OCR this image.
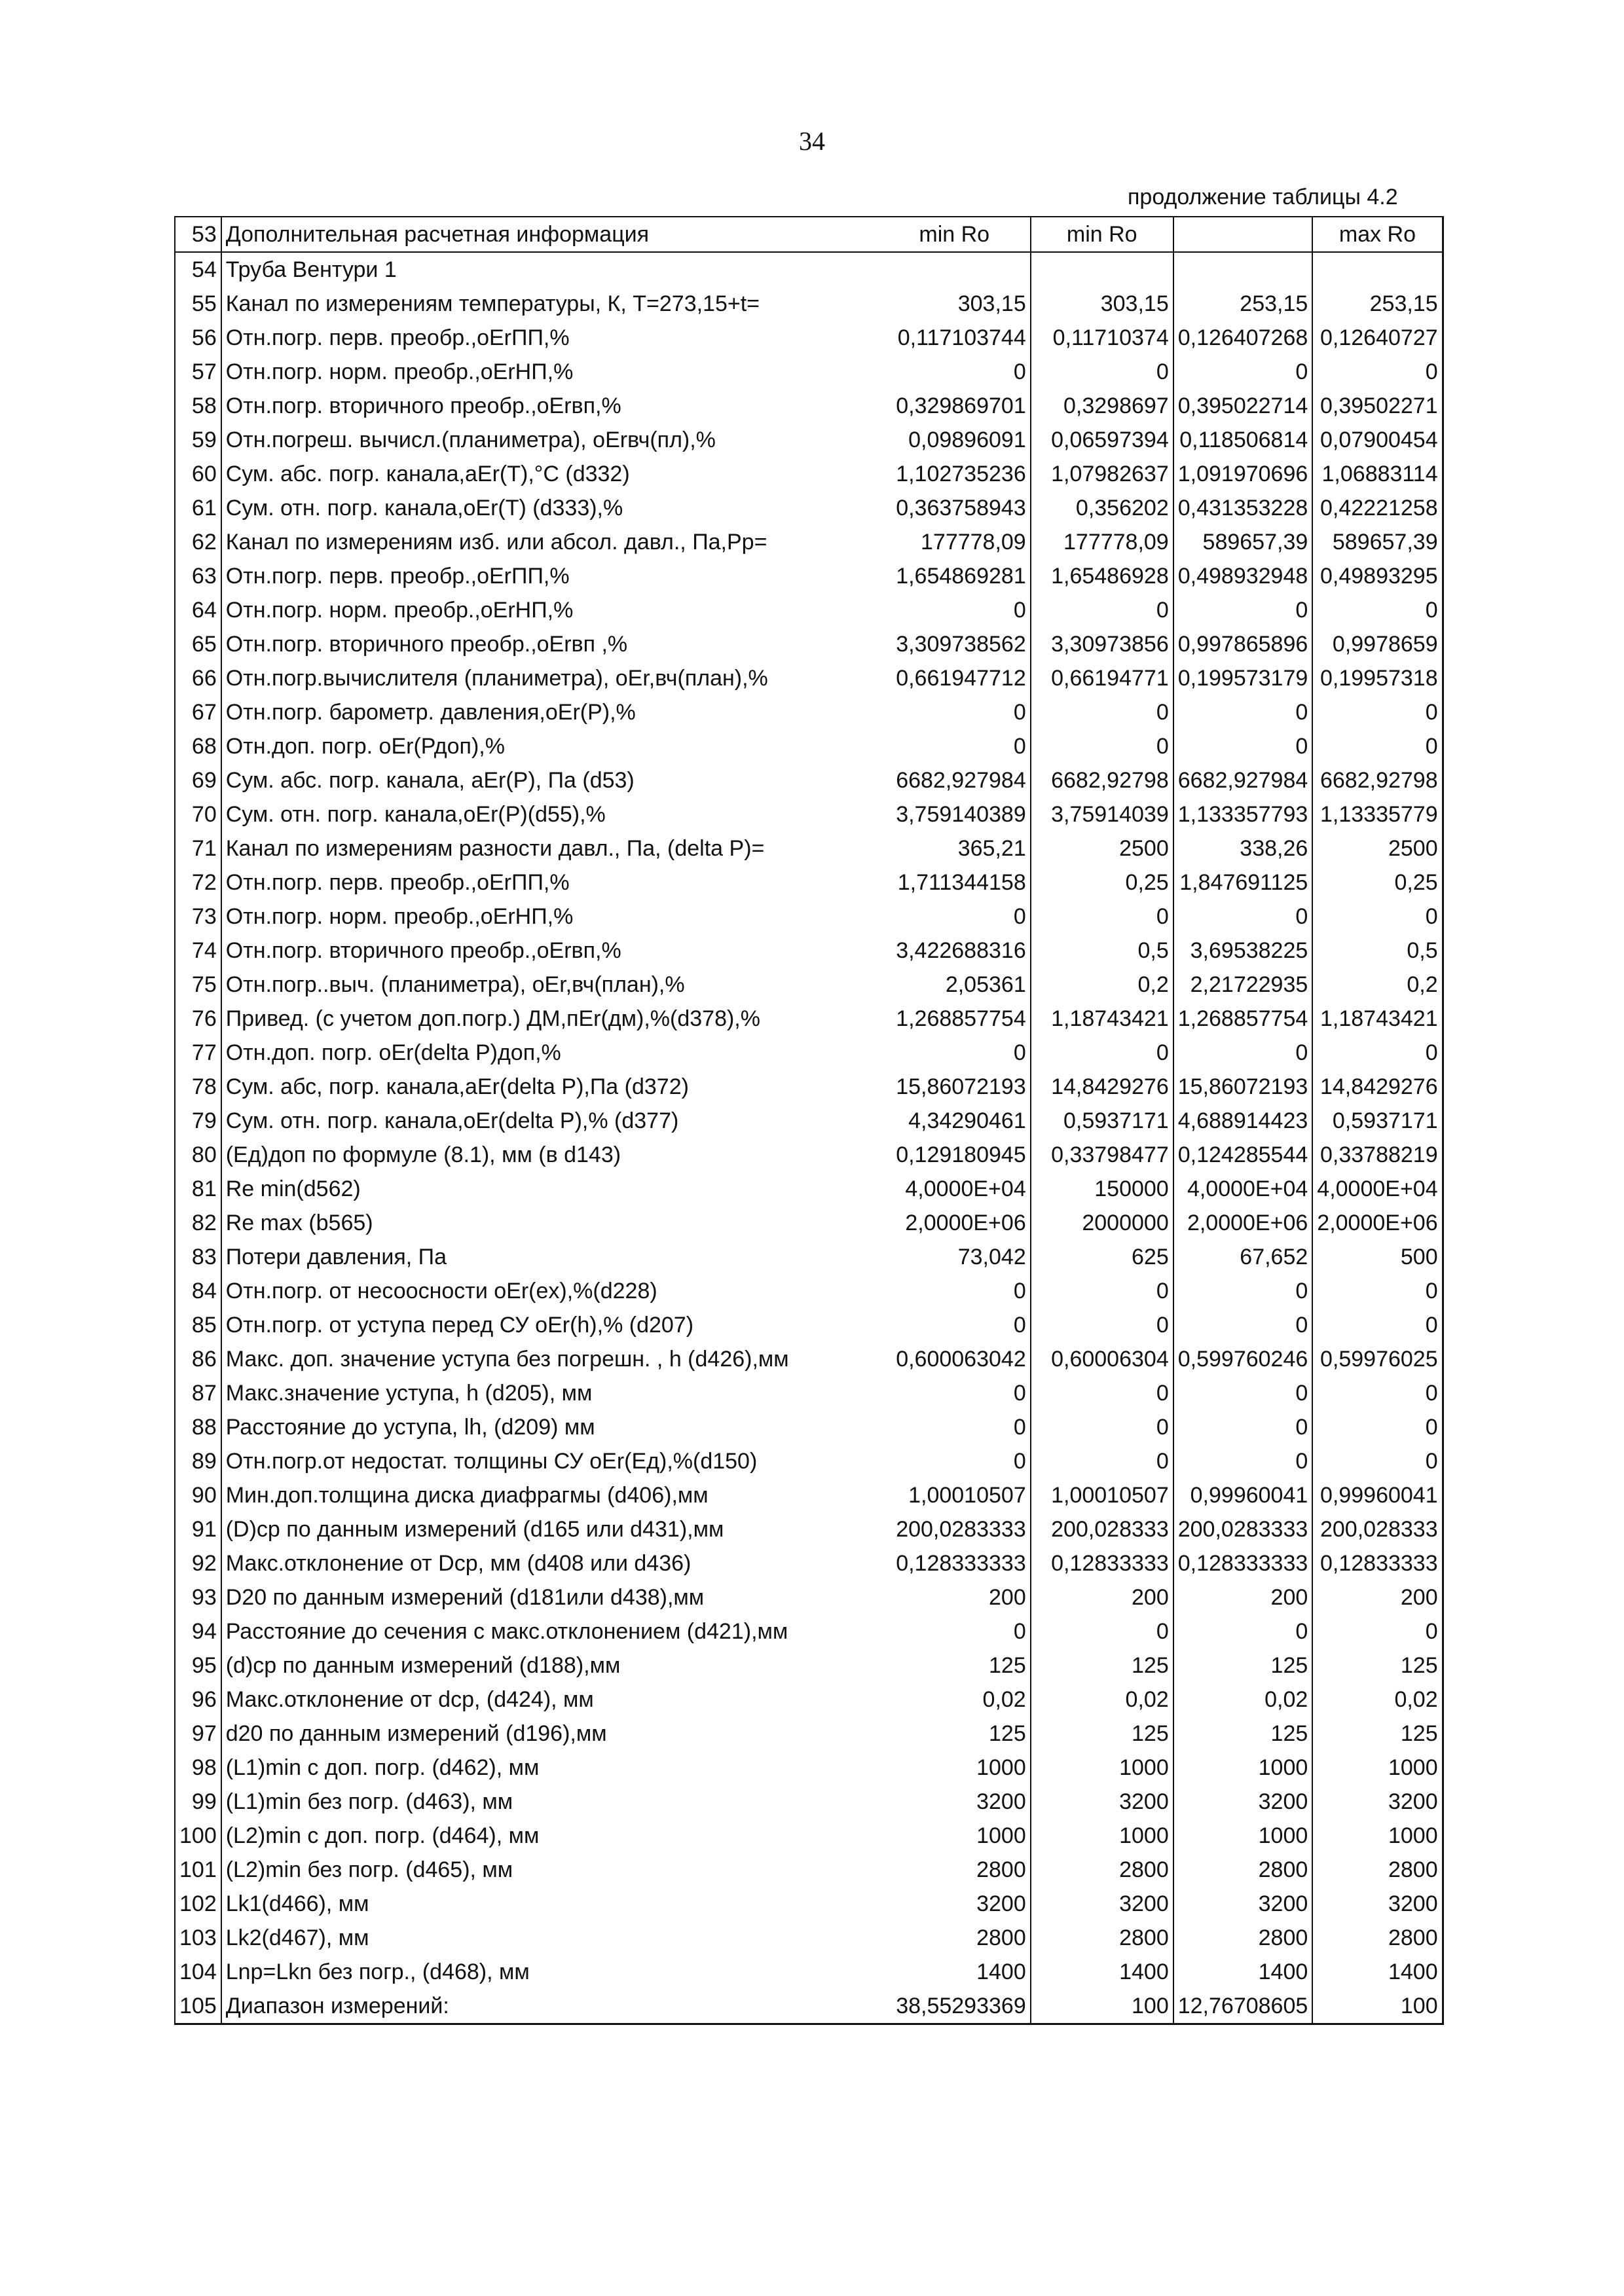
34
продолжение таблицы 4.2
53	Дополнительная расчетная информация	min Ro	min Ro		max Ro
54	Труба Вентури 1				
55	Канал по измерениям температуры, К, T=273,15+t=	303,15	303,15	253,15	253,15
56	Отн.погр. перв. преобр.,oErПП,%	0,117103744	0,11710374	0,126407268	0,12640727
57	Отн.погр. норм. преобр.,oErНП,%	0	0	0	0
58	Отн.погр. вторичного преобр.,oErвп,%	0,329869701	0,3298697	0,395022714	0,39502271
59	Отн.погреш. вычисл.(планиметра), oErвч(пл),%	0,09896091	0,06597394	0,118506814	0,07900454
60	Сум. абс. погр. канала,aEr(T),°C (d332)	1,102735236	1,07982637	1,091970696	1,06883114
61	Сум. отн. погр. канала,oEr(T) (d333),%	0,363758943	0,356202	0,431353228	0,42221258
62	Канал по измерениям изб. или абсол. давл., Па,Pp=	177778,09	177778,09	589657,39	589657,39
63	Отн.погр. перв. преобр.,oErПП,%	1,654869281	1,65486928	0,498932948	0,49893295
64	Отн.погр. норм. преобр.,oErНП,%	0	0	0	0
65	Отн.погр. вторичного преобр.,oErвп ,%	3,309738562	3,30973856	0,997865896	0,9978659
66	Отн.погр.вычислителя (планиметра), oEr,вч(план),%	0,661947712	0,66194771	0,199573179	0,19957318
67	Отн.погр. барометр. давления,oEr(P),%	0	0	0	0
68	Отн.доп. погр. oEr(Рдоп),%	0	0	0	0
69	Сум. абс. погр. канала, aEr(P), Па (d53)	6682,927984	6682,92798	6682,927984	6682,92798
70	Сум. отн. погр. канала,oEr(P)(d55),%	3,759140389	3,75914039	1,133357793	1,13335779
71	Канал по измерениям разности давл., Па, (delta P)=	365,21	2500	338,26	2500
72	Отн.погр. перв. преобр.,oErПП,%	1,711344158	0,25	1,847691125	0,25
73	Отн.погр. норм. преобр.,oErНП,%	0	0	0	0
74	Отн.погр. вторичного преобр.,oErвп,%	3,422688316	0,5	3,69538225	0,5
75	Отн.погр..выч. (планиметра), oEr,вч(план),%	2,05361	0,2	2,21722935	0,2
76	Привед. (с учетом доп.погр.) ДМ,пEr(дм),%(d378),%	1,268857754	1,18743421	1,268857754	1,18743421
77	Отн.доп. погр. oEr(delta P)доп,%	0	0	0	0
78	Сум. абс, погр. канала,aEr(delta P),Па (d372)	15,86072193	14,8429276	15,86072193	14,8429276
79	Сум. отн. погр. канала,oEr(delta P),% (d377)	4,34290461	0,5937171	4,688914423	0,5937171
80	(Ед)доп по формуле (8.1), мм (в d143)	0,129180945	0,33798477	0,124285544	0,33788219
81	Re min(d562)	4,0000E+04	150000	4,0000E+04	4,0000E+04
82	Re max (b565)	2,0000E+06	2000000	2,0000E+06	2,0000E+06
83	Потери давления, Па	73,042	625	67,652	500
84	Отн.погр. от несоосности oEr(ex),%(d228)	0	0	0	0
85	Отн.погр. от уступа перед СУ oEr(h),% (d207)	0	0	0	0
86	Макс. доп. значение уступа без погрешн. , h (d426),мм	0,600063042	0,60006304	0,599760246	0,59976025
87	Макс.значение уступа, h (d205), мм	0	0	0	0
88	Расстояние до уступа, lh, (d209) мм	0	0	0	0
89	Отн.погр.от недостат. толщины СУ oEr(Ед),%(d150)	0	0	0	0
90	Мин.доп.толщина диска диафрагмы (d406),мм	1,00010507	1,00010507	0,99960041	0,99960041
91	(D)ср по данным измерений (d165 или d431),мм	200,0283333	200,028333	200,0283333	200,028333
92	Макс.отклонение от Dср, мм (d408 или d436)	0,128333333	0,12833333	0,128333333	0,12833333
93	D20 по данным измерений (d181или d438),мм	200	200	200	200
94	Расстояние до сечения с макс.отклонением (d421),мм	0	0	0	0
95	(d)ср по данным измерений (d188),мм	125	125	125	125
96	Макс.отклонение от dср, (d424), мм	0,02	0,02	0,02	0,02
97	d20 по данным измерений (d196),мм	125	125	125	125
98	(L1)min с доп. погр. (d462), мм	1000	1000	1000	1000
99	(L1)min без погр. (d463), мм	3200	3200	3200	3200
100	(L2)min с доп. погр. (d464), мм	1000	1000	1000	1000
101	(L2)min без погр. (d465), мм	2800	2800	2800	2800
102	Lk1(d466), мм	3200	3200	3200	3200
103	Lk2(d467), мм	2800	2800	2800	2800
104	Lnp=Lkn без погр., (d468), мм	1400	1400	1400	1400
105	Диапазон измерений:	38,55293369	100	12,76708605	100
